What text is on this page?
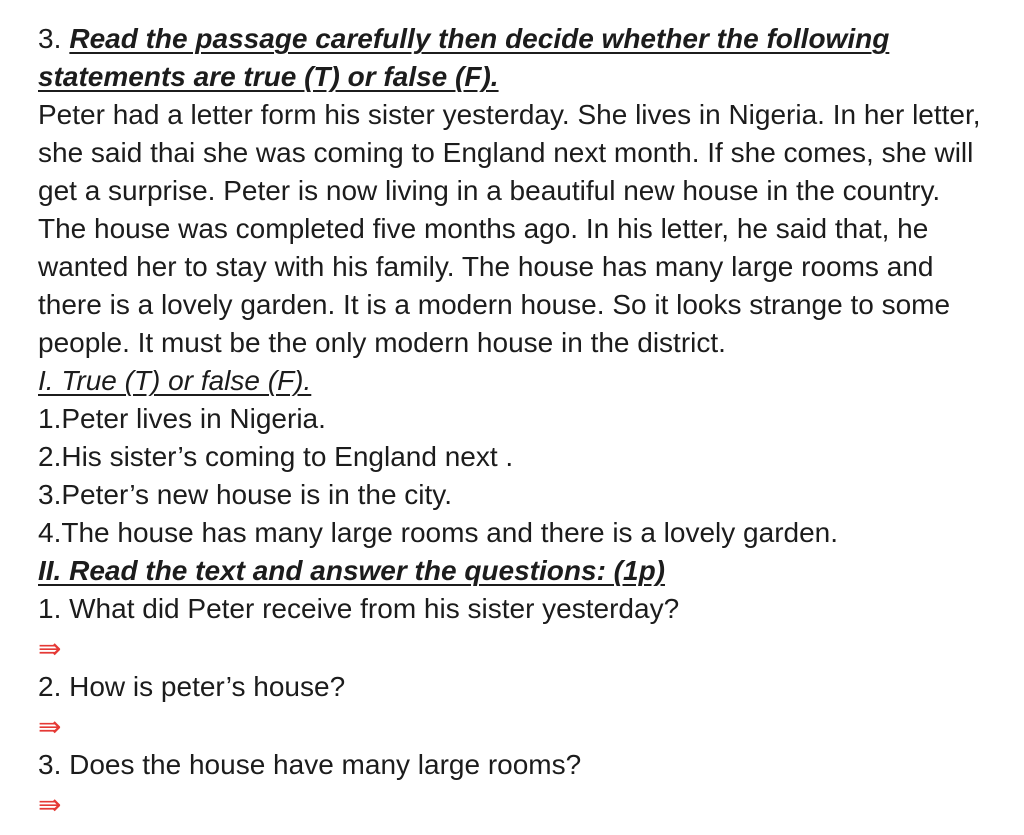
3. Read the passage carefully then decide whether the following
statements are true (T) or false (F).
Peter had a letter form his sister yesterday. She lives in Nigeria. In her letter,
she said thai she was coming to England next month. If she comes, she will
get a surprise. Peter is now living in a beautiful new house in the country.
The house was completed five months ago. In his letter, he said that, he
wanted her to stay with his family. The house has many large rooms and
there is a lovely garden. It is a modern house. So it looks strange to some
people. It must be the only modern house in the district.
I. True (T) or false (F).
1.Peter lives in Nigeria.
2.His sister’s coming to England next .
3.Peter’s new house is in the city.
4.The house has many large rooms and there is a lovely garden.
II. Read the text and answer the questions: (1p)
1. What did Peter receive from his sister yesterday?
⇛
2. How is peter’s house?
⇛
3. Does the house have many large rooms?
⇛
